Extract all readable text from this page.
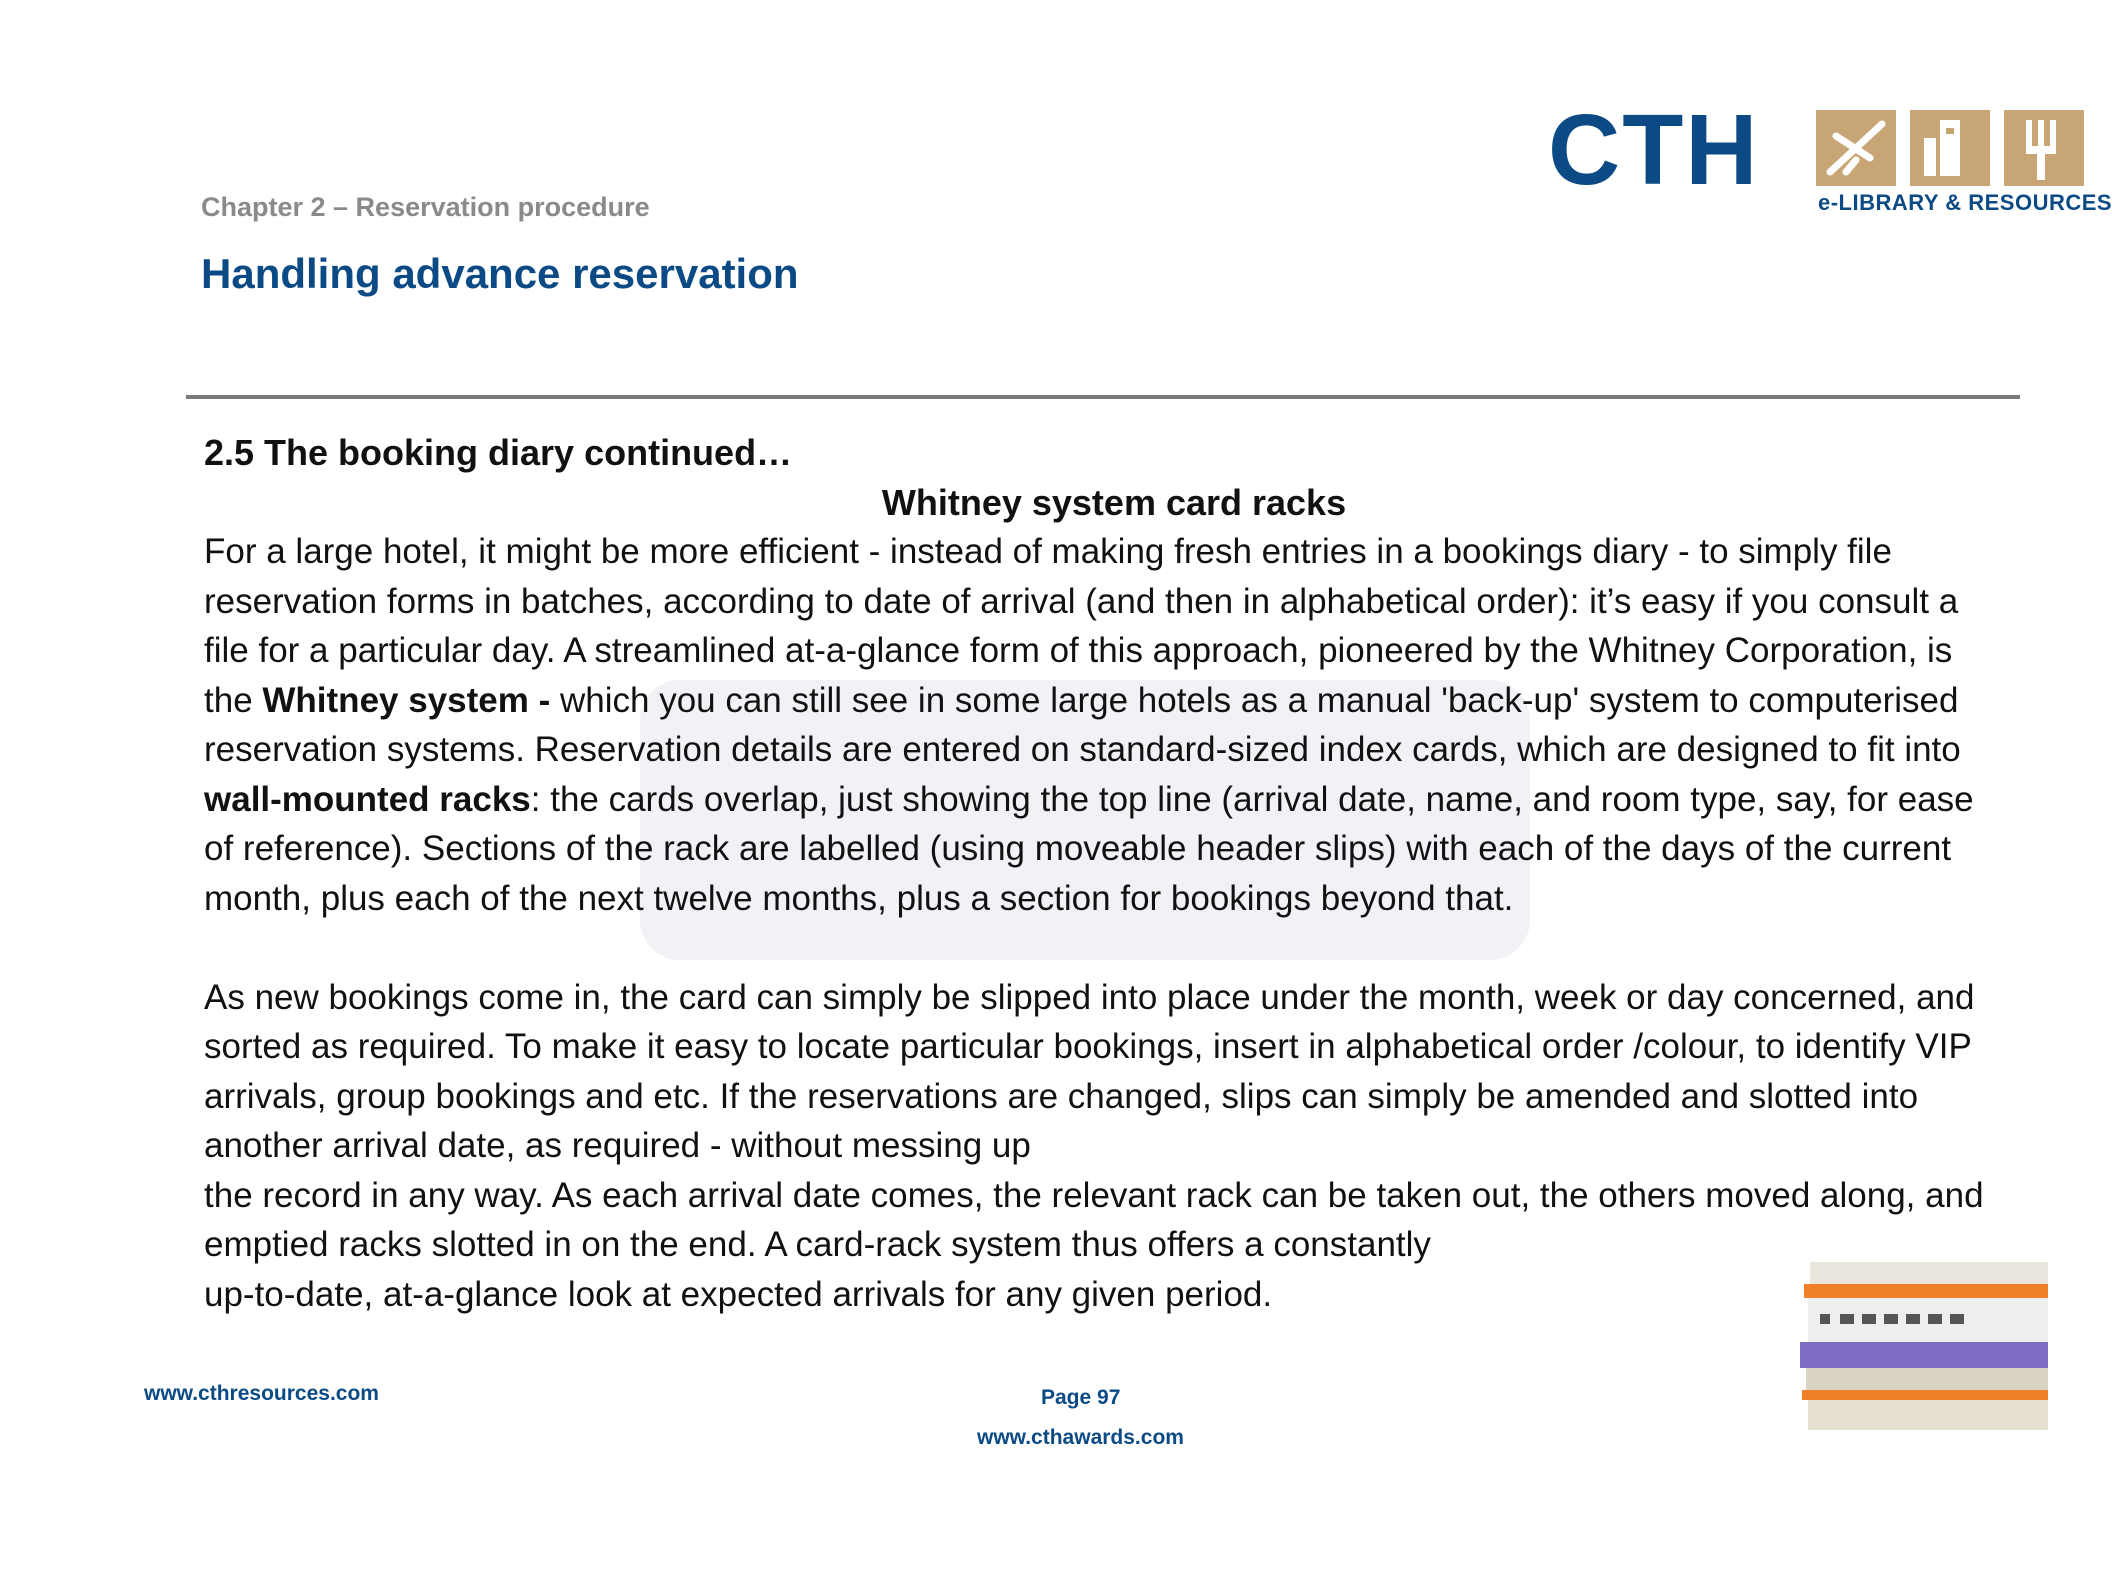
CTH	e-LIBRARY & RESOURCES
Chapter 2 – Reservation procedure
Handling advance reservation
2.5 The booking diary continued…
Whitney system card racks

For a large hotel, it might be more efficient - instead of making fresh entries in a bookings diary - to simply file reservation forms in batches, according to date of arrival (and then in alphabetical order): it’s easy if you consult a file for a particular day. A streamlined at-a-glance form of this approach, pioneered by the Whitney Corporation, is the Whitney system - which you can still see in some large hotels as a manual 'back-up' system to computerised reservation systems. Reservation details are entered on standard-sized index cards, which are designed to fit into wall-mounted racks: the cards overlap, just showing the top line (arrival date, name, and room type, say, for ease of reference). Sections of the rack are labelled (using moveable header slips) with each of the days of the current month, plus each of the next twelve months, plus a section for bookings beyond that.

As new bookings come in, the card can simply be slipped into place under the month, week or day concerned, and sorted as required. To make it easy to locate particular bookings, insert in alphabetical order /colour, to identify VIP arrivals, group bookings and etc. If the reservations are changed, slips can simply be amended and slotted into another arrival date, as required - without messing up

the record in any way. As each arrival date comes, the relevant rack can be taken out, the others moved along, and emptied racks slotted in on the end. A card-rack system thus offers a constantly

up-to-date, at-a-glance look at expected arrivals for any given period.

www.cthresources.com	Page 97
www.cthawards.com
